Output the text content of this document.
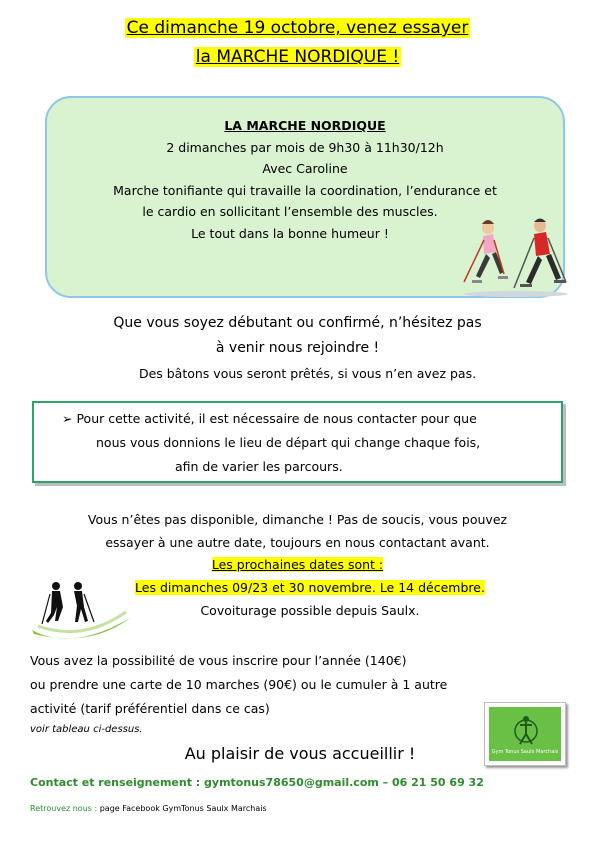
Ce dimanche 19 octobre, venez essayer
la MARCHE NORDIQUE !
LA MARCHE NORDIQUE
2 dimanches par mois de 9h30 à 11h30/12h
Avec Caroline
Marche tonifiante qui travaille la coordination, l’endurance et
le cardio en sollicitant l’ensemble des muscles.
Le tout dans la bonne humeur !
Que vous soyez débutant ou confirmé, n’hésitez pas
à venir nous rejoindre !
Des bâtons vous seront prêtés, si vous n’en avez pas.
➢ Pour cette activité, il est nécessaire de nous contacter pour que
nous vous donnions le lieu de départ qui change chaque fois,
afin de varier les parcours.
Vous n’êtes pas disponible, dimanche ! Pas de soucis, vous pouvez
essayer à une autre date, toujours en nous contactant avant.
Les prochaines dates sont :
Les dimanches 09/23 et 30 novembre. Le 14 décembre.
Covoiturage possible depuis Saulx.
Vous avez la possibilité de vous inscrire pour l’année (140€)
ou prendre une carte de 10 marches (90€) ou le cumuler à 1 autre
activité (tarif préférentiel dans ce cas)
voir tableau ci-dessus.
Gym Tonus Saulx Marchais
Au plaisir de vous accueillir !
Contact et renseignement : gymtonus78650@gmail.com – 06 21 50 69 32
Retrouvez nous : page Facebook GymTonus Saulx Marchais
